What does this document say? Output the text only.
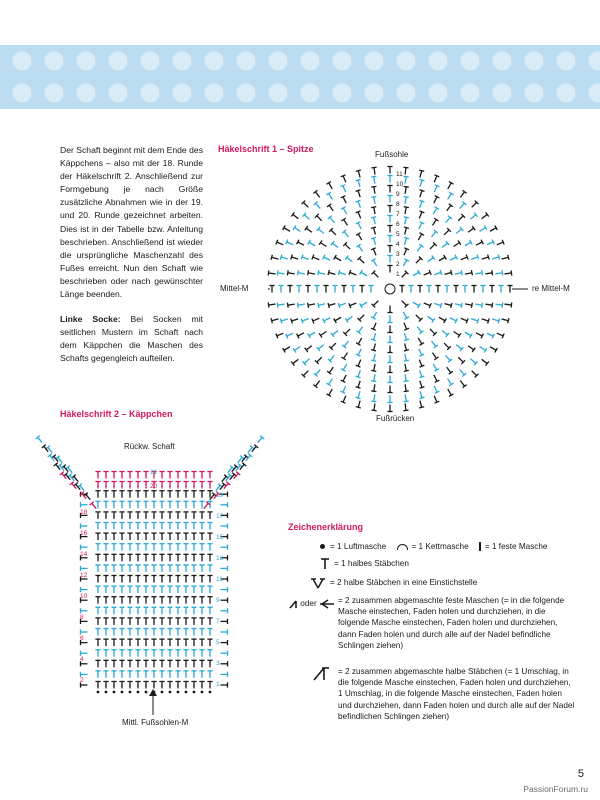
Der Schaft beginnt mit dem Ende des Käppchens – also mit der 18. Runde der Häkelschrift 2. Anschließend zur Formgebung je nach Größe zusätzliche Abnahmen wie in der 19. und 20. Runde gezeichnet arbeiten. Dies ist in der Tabelle bzw. Anleitung beschrieben. Anschließend ist wieder die ursprüngliche Maschenzahl des Fußes erreicht. Nun den Schaft wie beschrieben oder nach gewünschter Länge beenden.

Linke Socke: Bei Socken mit seitlichen Mustern im Schaft nach dem Käppchen die Maschen des Schafts gegengleich aufteilen.

Häkelschrift 1 – Spitze
Fußsohle
Fußrücken
Mittel-M	re Mittel-M
1
2
3
4
5
6
7
8
9
10
11
Häkelschrift 2 – Käppchen
Rückw. Schaft
Mittl. Fußsohlen-M
18
16
14
12
10
8
6
4
2
19
17
15
13
11
9
7
5
3
1
21
20
Zeichenerklärung
= 1 Luftmasche	= 1 Kettmasche = 1 feste Masche
= 1 halbes Stäbchen
= 2 halbe Stäbchen in eine Einstichstelle
oder	= 2 zusammen abgemaschte feste Maschen (= in die folgende Masche einstechen, Faden holen und durchziehen, in die folgende Masche einstechen, Faden holen und durchziehen, dann Faden holen und durch alle auf der Nadel befindliche Schlingen ziehen)
= 2 zusammen abgemaschte halbe Stäbchen (= 1 Umschlag, in die folgende Masche einstechen, Faden holen und durchziehen, 1 Umschlag, in die folgende Masche einstechen, Faden holen und durchziehen, dann Faden holen und durch alle auf der Nadel befindlichen Schlingen ziehen)
5
PassionForum.ru
